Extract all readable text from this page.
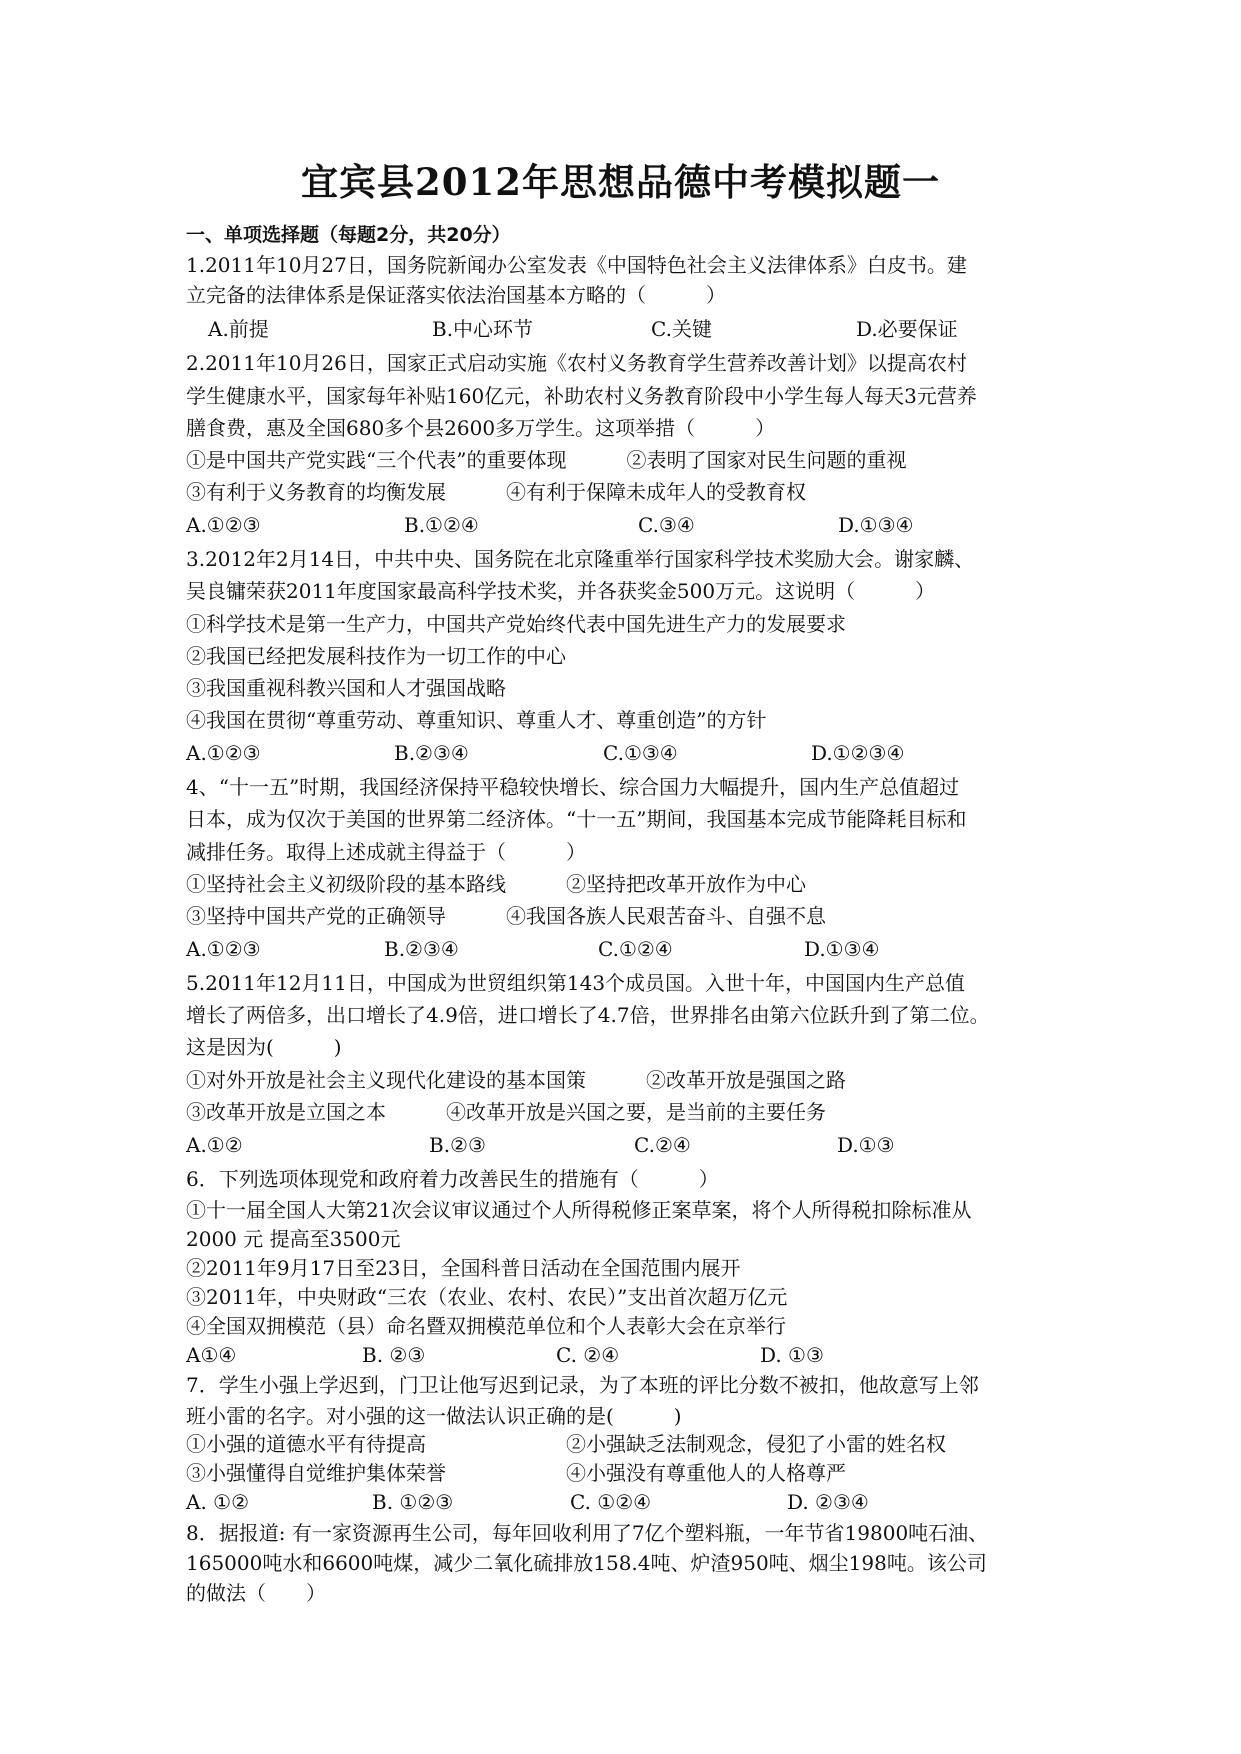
宜宾县2012年思想品德中考模拟题一
一、单项选择题（每题2分，共20分）
1.2011年10月27日，国务院新闻办公室发表《中国特色社会主义法律体系》白皮书。建
立完备的法律体系是保证落实依法治国基本方略的（　　　）
A.前提	B.中心环节	C.关键	D.必要保证
2.2011年10月26日，国家正式启动实施《农村义务教育学生营养改善计划》以提高农村
学生健康水平，国家每年补贴160亿元，补助农村义务教育阶段中小学生每人每天3元营养
膳食费，惠及全国680多个县2600多万学生。这项举措（　　　）
①是中国共产党实践“三个代表”的重要体现　　　②表明了国家对民生问题的重视
③有利于义务教育的均衡发展　　　④有利于保障未成年人的受教育权
A.①②③	B.①②④	C.③④	D.①③④
3.2012年2月14日，中共中央、国务院在北京隆重举行国家科学技术奖励大会。谢家麟、
吴良镛荣获2011年度国家最高科学技术奖，并各获奖金500万元。这说明（　　　）
①科学技术是第一生产力，中国共产党始终代表中国先进生产力的发展要求
②我国已经把发展科技作为一切工作的中心
③我国重视科教兴国和人才强国战略
④我国在贯彻“尊重劳动、尊重知识、尊重人才、尊重创造”的方针
A.①②③	B.②③④	C.①③④	D.①②③④
4、“十一五”时期，我国经济保持平稳较快增长、综合国力大幅提升，国内生产总值超过
日本，成为仅次于美国的世界第二经济体。“十一五”期间，我国基本完成节能降耗目标和
减排任务。取得上述成就主得益于（　　　）
①坚持社会主义初级阶段的基本路线　　　②坚持把改革开放作为中心
③坚持中国共产党的正确领导　　　④我国各族人民艰苦奋斗、自强不息
A.①②③	B.②③④	C.①②④	D.①③④
5.2011年12月11日，中国成为世贸组织第143个成员国。入世十年，中国国内生产总值
增长了两倍多，出口增长了4.9倍，进口增长了4.7倍，世界排名由第六位跃升到了第二位。
这是因为(　　　)
①对外开放是社会主义现代化建设的基本国策　　　②改革开放是强国之路
③改革开放是立国之本　　　④改革开放是兴国之要，是当前的主要任务
A.①②	B.②③	C.②④	D.①③
6．下列选项体现党和政府着力改善民生的措施有（　　　）
①十一届全国人大第21次会议审议通过个人所得税修正案草案，将个人所得税扣除标准从
2000 元 提高至3500元
②2011年9月17日至23日，全国科普日活动在全国范围内展开
③2011年，中央财政“三农（农业、农村、农民）”支出首次超万亿元
④全国双拥模范（县）命名暨双拥模范单位和个人表彰大会在京举行
A①④	B. ②③	C. ②④	D. ①③
7．学生小强上学迟到，门卫让他写迟到记录，为了本班的评比分数不被扣，他故意写上邻
班小雷的名字。对小强的这一做法认识正确的是(　　　)
①小强的道德水平有待提高　　　　　　　②小强缺乏法制观念，侵犯了小雷的姓名权
③小强懂得自觉维护集体荣誉　　　　　　④小强没有尊重他人的人格尊严
A. ①②	B. ①②③	C. ①②④	D. ②③④
8．据报道: 有一家资源再生公司，每年回收利用了7亿个塑料瓶，一年节省19800吨石油、
165000吨水和6600吨煤，减少二氧化硫排放158.4吨、炉渣950吨、烟尘198吨。该公司
的做法（　　）
